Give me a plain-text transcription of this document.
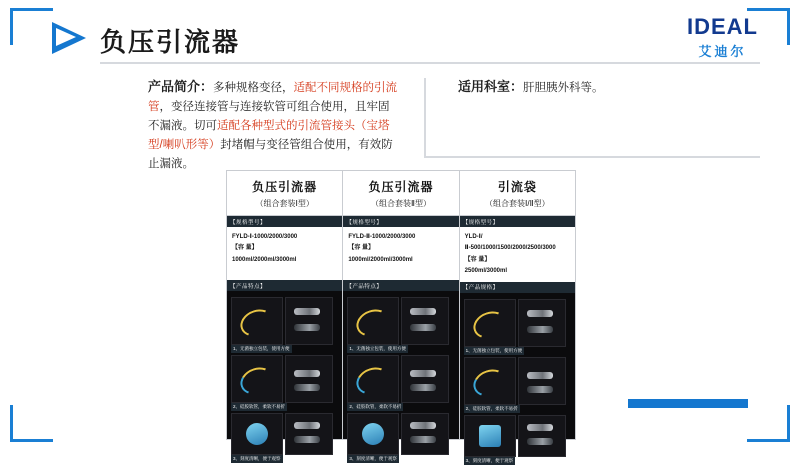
负压引流器
IDEAL
艾迪尔
产品简介：多种规格变径，适配不同规格的引流管，变径连接管与连接软管可组合使用，且牢固不漏液。切可适配各种型式的引流管接头（宝塔型/喇叭形等）封堵帽与变径管组合使用，有效防止漏液。
适用科室：肝胆胰外科等。
负压引流器
（组合套装Ⅰ型）
【规格型号】
FYLD-Ⅰ-1000/2000/3000
【容 量】
1000ml/2000ml/3000ml
【产品特点】
1、无菌独立包装，使用方便
2、硅胶软管，柔软不易折
3、刻度清晰，便于观察
负压引流器
（组合套装Ⅱ型）
【规格型号】
FYLD-Ⅱ-1000/2000/3000
【容 量】
1000ml/2000ml/3000ml
【产品特点】
1、无菌独立包装，使用方便
2、硅胶软管，柔软不易折
3、刻度清晰，便于观察
引流袋
（组合套装Ⅰ/Ⅱ型）
【规格型号】
YLD-Ⅰ/Ⅱ-500/1000/1500/2000/2500/3000
【容 量】
2500ml/3000ml
【产品规格】
1、无菌独立包装，使用方便
2、硅胶软管，柔软不易折
3、刻度清晰，便于观察
